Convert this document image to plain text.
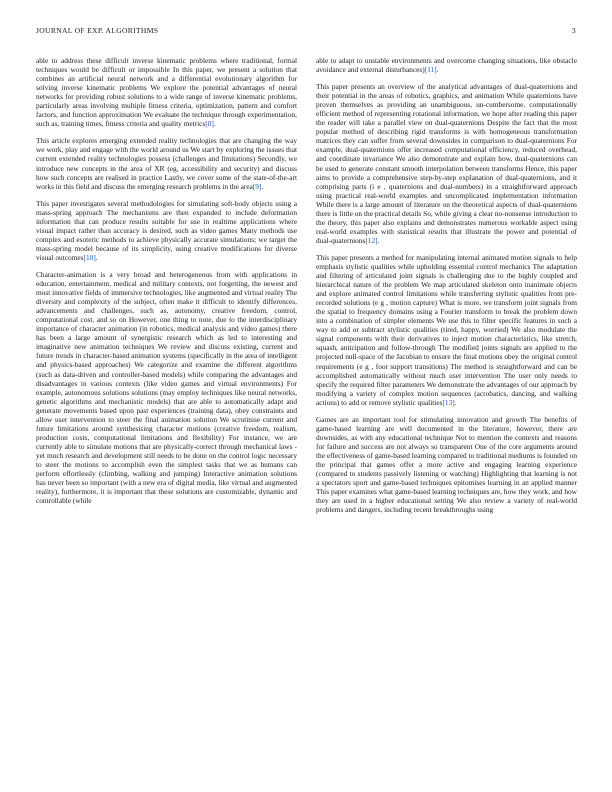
JOURNAL OF EXP. ALGORITHMS	3

able to address these difficult inverse kinematic problems where traditional, formal techniques would be difficult or impossible In this paper, we present a solution that combines an artificial neural network and a differential evolutionary algorithm for solving inverse kinematic problems We explore the potential advantages of neural networks for providing robust solutions to a wide range of inverse kinematic problems, particularly areas involving multiple fitness criteria, optimization, pattern and comfort factors, and function approximation We evaluate the technique through experimentation, such as, training times, fitness criteria and quality metrics[8].

This article explores emerging extended reality technologies that are changing the way we work, play and engage with the world around us We start by exploring the issues that current extended reality technologies possess (challenges and limitations) Secondly, we introduce new concepts in the area of XR (eg, accessibility and security) and discuss how such concepts are realised in practice Lastly, we cover some of the state-of-the-art works in this field and discuss the emerging research problems in the area[9].

This paper investigates several methodologies for simulating soft-body objects using a mass-spring approach The mechanisms are then expanded to include deformation information that can produce results suitable for use in realtime applications where visual impact rather than accuracy is desired, such as video games Many methods use complex and esoteric methods to achieve physically accurate simulations; we target the mass-spring model because of its simplicity, using creative modifications for diverse visual outcomes[10].

Character-animation is a very broad and heterogeneous from with applications in education, entertainment, medical and military contexts, not forgetting, the newest and most innovative fields of immersive technologies, like augmented and virtual reality The diversity and complexity of the subject, often make it difficult to identify differences, advancements and challenges, such as, autonomy, creative freedom, control, computational cost, and so on However, one thing to note, due to the interdisciplinary importance of character animation (in robotics, medical analysis and video games) there has been a large amount of synergistic research which as led to interesting and imaginative new animation techniques We review and discuss existing, current and future trends in character-based animation systems (specifically in the area of intelligent and physics-based approaches) We categorize and examine the different algorithms (such as data-driven and controller-based models) while comparing the advantages and disadvantages in various contexts (like video games and virtual environments) For example, autonomous solutions solutions (may employ techniques like neural networks, genetic algorithms and mechanistic models) that are able to automatically adapt and generate movements based upon past experiences (training data), obey constraints and allow user intervention to steer the final animation solution We scrutinise current and future limitations around synthesising character motions (creative freedom, realism, production costs, computational limitations and flexibility) For instance, we are currently able to simulate motions that are physically-correct through mechanical laws - yet much research and development still needs to be done on the control logic necessary to steer the motions to accomplish even the simplest tasks that we as humans can perform effortlessly (climbing, walking and jumping) Interactive animation solutions has never been so important (with a new era of digital media, like virtual and augmented reality), furthermore, it is important that these solutions are customizable, dynamic and controllable (while

able to adapt to unstable environments and overcome changing situations, like obstacle avoidance and external disturbances)[11].

This paper presents an overview of the analytical advantages of dual-quaternions and their potential in the areas of robotics, graphics, and animation While quaternions have proven themselves as providing an unambiguous, un-cumbersome, computationally efficient method of representing rotational information, we hope after reading this paper the reader will take a parallel view on dual-quaternions Despite the fact that the most popular method of describing rigid transforms is with homogeneous transformation matrices they can suffer from several downsides in comparison to dual-quaternions For example, dual-quaternions offer increased computational efficiency, reduced overhead, and coordinate invariance We also demonstrate and explain how, dual-quaternions can be used to generate constant smooth interpolation between transforms Hence, this paper aims to provide a comprehensive step-by-step explanation of dual-quaternions, and it comprising parts (i e , quaternions and dual-numbers) in a straightforward approach using practical real-world examples and uncomplicated implementation information While there is a large amount of literature on the theoretical aspects of dual-quaternions there is little on the practical details So, while giving a clear no-nonsense introduction to the theory, this paper also explains and demonstrates numerous workable aspect using real-world examples with statistical results that illustrate the power and potential of dual-quaternions[12].

This paper presents a method for manipulating internal animated motion signals to help emphasis stylistic qualities while upholding essential control mechanics The adaptation and filtering of articulated joint signals is challenging due to the highly coupled and hierarchical nature of the problem We map articulated skeleton onto inanimate objects and explore animated control limitations while transferring stylistic qualities from pre-recorded solutions (e g , motion capture) What is more, we transform joint signals from the spatial to frequency domains using a Fourier transform to break the problem down into a combination of simpler elements We use this to filter specific features in such a way to add or subtract stylistic qualities (tired, happy, worried) We also modulate the signal components with their derivatives to inject motion characteristics, like stretch, squash, anticipation and follow-through The modified joints signals are applied to the projected null-space of the Jacobian to ensure the final motions obey the original control requirements (e g , foot support transitions) The method is straightforward and can be accomplished automatically without much user intervention The user only needs to specify the required filter parameters We demonstrate the advantages of our approach by modifying a variety of complex motion sequences (acrobatics, dancing, and walking actions) to add or remove stylistic qualities[13].

Games are an important tool for stimulating innovation and growth The benefits of game-based learning are well documented in the literature, however, there are downsides, as with any educational technique Not to mention the contexts and reasons for failure and success are not always so transparent One of the core arguments around the effectiveness of game-based learning compared to traditional mediums is founded on the principal that games offer a more active and engaging learning experience (compared to students passively listening or watching) Highlighting that learning is not a spectators sport and game-based techniques epitomises learning in an applied manner This paper examines what game-based learning techniques are, how they work, and how they are used in a higher educational setting We also review a variety of real-world problems and dangers, including recent breakthroughs using
